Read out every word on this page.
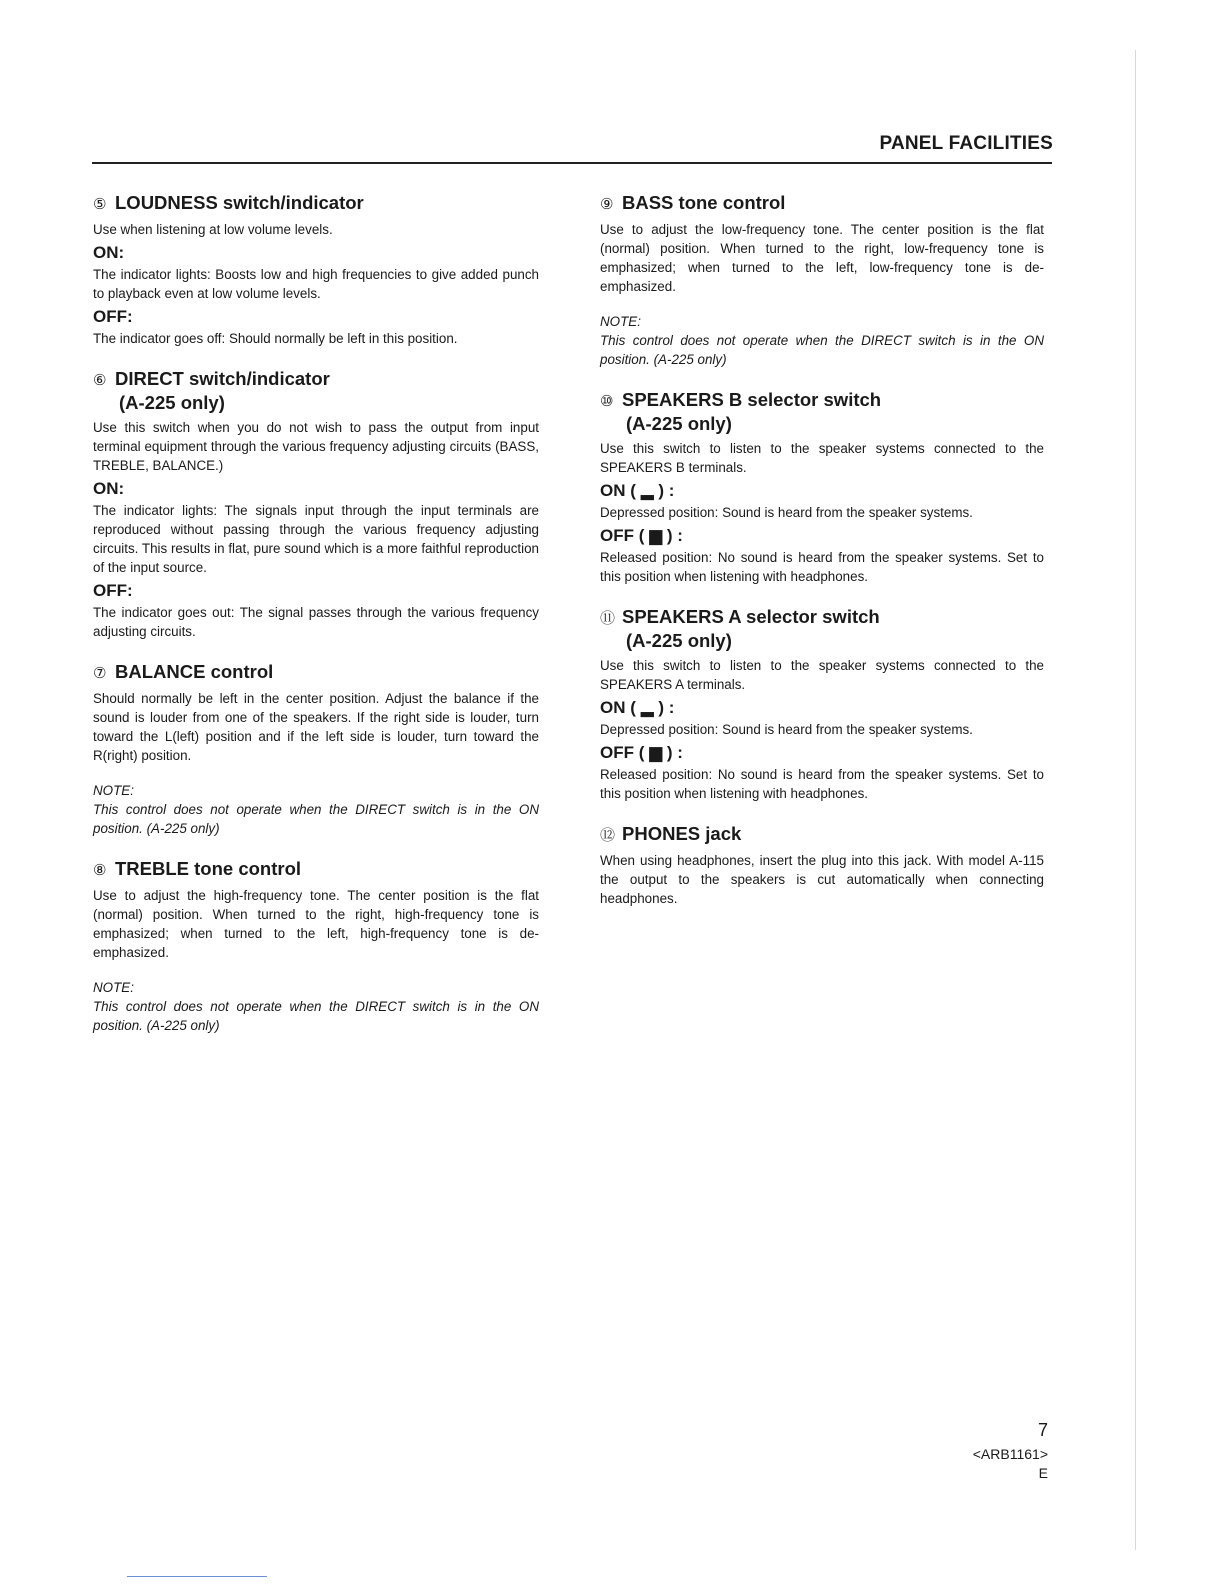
PANEL FACILITIES
⑤ LOUDNESS switch/indicator

Use when listening at low volume levels.

ON:

The indicator lights: Boosts low and high frequencies to give added punch to playback even at low volume levels.

OFF:

The indicator goes off: Should normally be left in this position.

⑥ DIRECT switch/indicator
(A-225 only)

Use this switch when you do not wish to pass the output from input terminal equipment through the various frequency adjusting circuits (BASS, TREBLE, BALANCE.)

ON:

The indicator lights: The signals input through the input terminals are reproduced without passing through the various frequency adjusting circuits. This results in flat, pure sound which is a more faithful reproduction of the input source.

OFF:

The indicator goes out: The signal passes through the various frequency adjusting circuits.

⑦ BALANCE control

Should normally be left in the center position. Adjust the balance if the sound is louder from one of the speakers. If the right side is louder, turn toward the L(left) position and if the left side is louder, turn toward the R(right) position.

NOTE:

This control does not operate when the DIRECT switch is in the ON position. (A-225 only)

⑧ TREBLE tone control

Use to adjust the high-frequency tone. The center position is the flat (normal) position. When turned to the right, high-frequency tone is emphasized; when turned to the left, high-frequency tone is de-emphasized.

NOTE:

This control does not operate when the DIRECT switch is in the ON position. (A-225 only)

⑨ BASS tone control

Use to adjust the low-frequency tone. The center position is the flat (normal) position. When turned to the right, low-frequency tone is emphasized; when turned to the left, low-frequency tone is de-emphasized.

NOTE:

This control does not operate when the DIRECT switch is in the ON position. (A-225 only)

⑩ SPEAKERS B selector switch
(A-225 only)

Use this switch to listen to the speaker systems connected to the SPEAKERS B terminals.

ON ( ▂ ) :

Depressed position: Sound is heard from the speaker systems.

OFF ( ▆ ) :

Released position: No sound is heard from the speaker systems. Set to this position when listening with headphones.

⑪ SPEAKERS A selector switch
(A-225 only)

Use this switch to listen to the speaker systems connected to the SPEAKERS A terminals.

ON ( ▂ ) :

Depressed position: Sound is heard from the speaker systems.

OFF ( ▆ ) :

Released position: No sound is heard from the speaker systems. Set to this position when listening with headphones.

⑫ PHONES jack

When using headphones, insert the plug into this jack. With model A-115 the output to the speakers is cut automatically when connecting headphones.

7
<ARB1161>
E
